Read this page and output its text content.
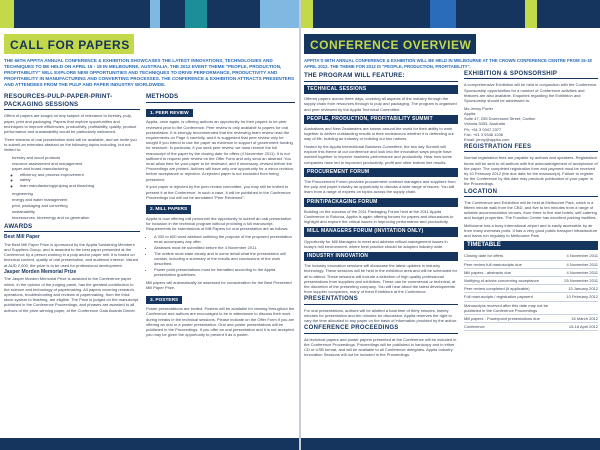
CALL FOR PAPERS
THE 66TH APPITA ANNUAL CONFERENCE & EXHIBITION SHOWCASES THE LATEST INNOVATIONS, TECHNOLOGIES AND TECHNIQUES TO BE HELD ON APRIL 15 - 18 IN MELBOURNE, AUSTRALIA. THE 2012 EVENT THEME "PEOPLE, PRODUCTION, PROFITABILITY" WILL EXPLORE NEW OPPORTUNITIES AND TECHNIQUES TO DRIVE PERFORMANCE, PRODUCTIVITY AND PROFITABILITY IN MANUFACTURING AND CONVERTING PROCESSES. THE CONFERENCE & EXHIBITION ATTRACTS PRESENTERS AND ATTENDEES FROM THE PULP AND PAPER INDUSTRY WORLDWIDE.
RESOURCES-PULP-PAPER-PRINT-PACKAGING SESSIONS

Offers of papers are sought on any subject of relevance to forestry, pulp, paper, print and packaging. Papers that explore opportunities and techniques to improve efficiencies, productivity, profitability, quality, product performance and sustainability would be particularly welcomed.

Three streams of oral presentation slots will be available, and we invite you to submit an extended abstract on the following topics including, but not limited to:

• forestry and wood products
• resource assessment and management
• paper and board manufacturing
◦ efficiency and process improvement
◦ safety
◦ lean manufacturing/pulping and bleaching
• engineering
• energy and water management
• print, packaging and converting
• sustainability
• bioresources, biorenergy and co-generation
AWARDS
Best Mill Paper

The Best Mill Paper Prize is sponsored by the Appita Sustaining Members and Suppliers Group, and is awarded to the best paper presented at the Conference by a person working in a pulp and/or paper mill. It is based on technical content, quality of oral presentation, and audience interest. Valued at AUD 2,000, the prize is to be used for professional development.

Jasper Morden Memorial Prize

The Jasper Morden Memorial Prize is awarded to the Conference paper which, in the opinion of the judging panel, has the greatest contribution to the science and technology of papermaking. All papers covering research, operations, troubleshooting and reviews of papermaking, from the thick stock system to finishing, are eligible. The Prize is judged on the manuscript published in the Conference Proceedings, and phrases are awarded to all authors of the prize-winning paper, at the Conference Gala Awards Dinner.

METHODS
1. PEER REVIEW

Appita, once again, is offering authors an opportunity for their papers to be peer reviewed prior to the Conference. Peer review is only available to papers for oral presentation. It is strongly recommended that the reviewing team review read the requirements on Page 4 carefully, and it is suggested that peer review only be sought if you intend to use the paper as evidence in support of government funding for research. In particular, if you seek peer review, we must receive the full manuscript of the paper by the closing date for offers (4 November 2011). It is not sufficient to request peer review on the Offer Form and only send an abstract. You must allow time for your paper to be reviewed, and if necessary, revised before the Proceedings are printed. Authors will have only one opportunity for a minor revision, before acceptance or rejection. A rejected paper is not excluded from being presented.

If your paper is rejected by the peer-review committee, you may still be invited to present it at the Conference. In such a case, it will be published in the Conference Proceedings but will not be annotated "Peer Reviewed".

2. MILL PAPERS

Appita is now offering mill personnel the opportunity to submit an oral presentation for inclusion in the technical program without providing a full manuscript. Requirements for submissions of Mill Papers for oral presentation are as follows:

• A 300 to 600 word abstract outlining the purpose of the proposed presentation must accompany any offer.
• Abstracts must be submitted before the 4 November 2011.
• The outline must state clearly and in some detail what the presentation will contain, including a summary of the results and conclusions of the work described.
• Power point presentations must be formatted according to the Appita presentation guidelines.

Mill papers will automatically be assessed for consideration for the Best Presented Mill Paper Prize.

3. POSTERS

Poster presentations are invited. Posters will be available for viewing throughout the Conference and authors are encouraged to be in attendance to discuss their work during breaks in the technical sessions. Please indicate on the Offer Form if you are offering an oral or a poster presentation. Oral and poster presentations will be published in the Proceedings. If you offer an oral presentation and it is not accepted you may be given the opportunity to present it as a poster.

CONFERENCE OVERVIEW
APPITA'S 66TH ANNUAL CONFERENCE & EXHIBITION WILL BE HELD IN MELBOURNE AT THE CROWN CONFERENCE CENTRE FROM 15-18 APRIL 2012. THE THEME FOR 2012 IS "PEOPLE, PRODUCTION, PROFITABILITY".
THE PROGRAM WILL FEATURE:
TECHNICAL SESSIONS

Offered papers across three days, covering all aspects of the industry through the supply chain from resources through to pulp and packaging. The program is organised and peer reviewed by the Appita Technical Committee.

PEOPLE, PRODUCTION, PROFITABILITY SUMMIT

Australians and New Zealanders are known around the world for their ability to work together to deliver outstanding results in their endeavours whether it is defending our way of life, building an industry or building our two nations.

Hosted by the Appita International Business Committee, the two day Summit will explore this theme at our conference and look into the innovative ways people have worked together to improve business performance and productivity. Hear how some companies have led to improved productivity, profit and other bottom line results.

PROCUREMENT FORUM

The Procurement Forum provides procurement contract managers and suppliers from the pulp and paper industry an opportunity to discuss a wide range of issues. You will learn from a range of experts on topics across the supply chain.

PRINT/PACKAGING FORUM

Building on the success of the 2011 Packaging Forum held at the 2011 Appita Conference in Rotorua, Appita is again offering forums for papers and discussions to highlight and explore the critical issues in improving performance and productivity.

MILL MANAGERS FORUM (INVITATION ONLY)

Opportunity for Mill Managers to meet and address critical management issues in today's mill environment, where best practice should be adopted industry wide.

INDUSTRY INNOVATION

The Industry Innovation sessions will showcase the latest updates in industry technology. These sessions will be held in the exhibition area and will be scheduled for all to attend. These sessions will include a selection of high quality professional presentations from suppliers and exhibitors. These can be commercial or technical, at the discretion of the presenting company. You will hear about the latest developments from supplier companies, many of them Exhibitors at the Conference.

PRESENTATIONS

For oral presentations, authors will be allotted a total time of thirty minutes, twenty minutes for presentation and ten minutes for discussion. Appita reserves the right to vary the time allocated to any paper on the basis of information provided by the author.

CONFERENCE PROCEEDINGS

All technical papers and poster papers presented at the Conference will be included in the Conference Proceedings. Proceedings will be published in hardcopy and in either CD or USB format, and will be available to all Conference delegates. Appita Industry Innovation Sessions will not be included in the Proceedings.

EXHIBITION & SPONSORSHIP

A comprehensive Exhibition will be held in conjunction with the Conference. Sponsorship opportunities for a number of Conference activities and features are also available. Enquiries regarding the Exhibition and Sponsorship should be addressed to:

Ms Jenny Porter
Appita
Suite 47, 255 Drummond Street, Carlton
Victoria 3053, Australia
Ph: +61 3 9347 2377
Fax: +61 3 9348 1206
Email: jenny@appita.com
REGISTRATION FEES

Normal registration fees are payable by authors and speakers. Registration forms will be sent to all authors with the acknowledgement of acceptance of the paper. The completed registration form and payment must be received by 10 February 2012 (the due date for the manuscript). Failure to register for the Conference by this date may preclude publication of your paper in the Proceedings.

LOCATION

The Conference and Exhibition will be held at Melbourne Park, which is a fifteen minute walk from the CBD, and five to ten minutes from a range of suitable accommodation venues, from three to five star hotels, self-catering and budget properties. The Function Centre has excellent parking facilities.

Melbourne has a busy international airport and is easily accessible by air from many overseas ports. It has a very good public transport infrastructure and trams run regularly to Melbourne Park.

TIMETABLE
Closing date for offers	4 November 2011
Peer review full manuscripts due	4 November 2011
Mill papers - abstracts due	4 November 2011
Notifying of advice concerning acceptance	25 November 2011
Peer review completed (if applicable)	13 January 2012
Full manuscripts / registration payment	10 February 2012
Manuscripts received after this date may not be published in the Conference Proceedings	
Mill papers - Powerpoint presentations due	16 March 2012
Conference	15-18 April 2012
